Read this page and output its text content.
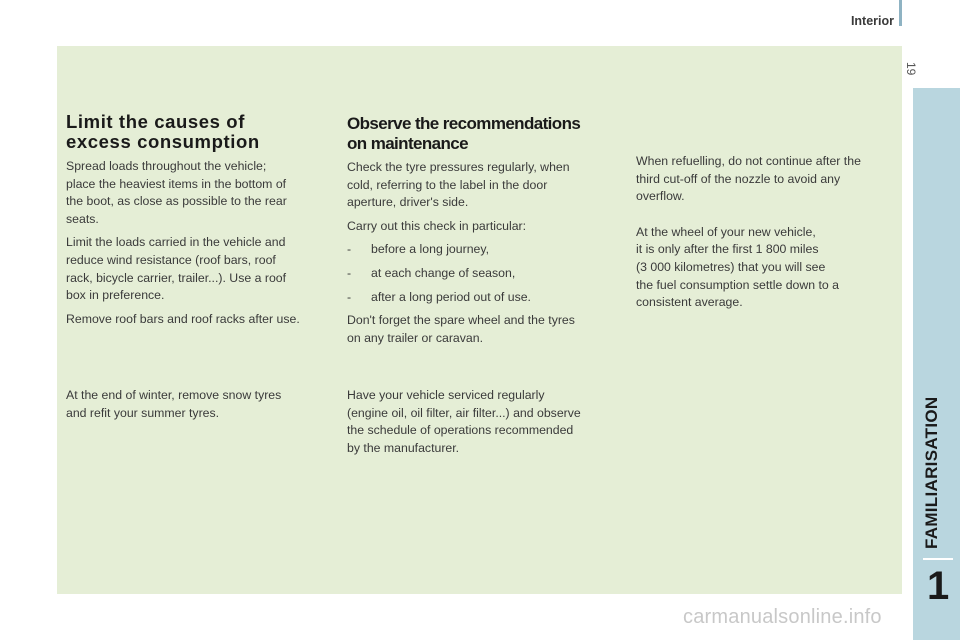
Interior
19
FAMILIARISATION
1
Limit the causes of
excess consumption

Spread loads throughout the vehicle;
place the heaviest items in the bottom of
the boot, as close as possible to the rear
seats.

Limit the loads carried in the vehicle and
reduce wind resistance (roof bars, roof
rack, bicycle carrier, trailer...). Use a roof
box in preference.

Remove roof bars and roof racks after use.

At the end of winter, remove snow tyres
and refit your summer tyres.

Observe the recommendations
on maintenance

Check the tyre pressures regularly, when
cold, referring to the label in the door
aperture, driver's side.

Carry out this check in particular:

-	before a long journey,
-	at each change of season,
-	after a long period out of use.

Don't forget the spare wheel and the tyres
on any trailer or caravan.

Have your vehicle serviced regularly
(engine oil, oil filter, air filter...) and observe
the schedule of operations recommended
by the manufacturer.

When refuelling, do not continue after the
third cut-off of the nozzle to avoid any
overflow.

At the wheel of your new vehicle,
it is only after the first 1 800 miles
(3 000 kilometres) that you will see
the fuel consumption settle down to a
consistent average.

carmanualsonline.info
